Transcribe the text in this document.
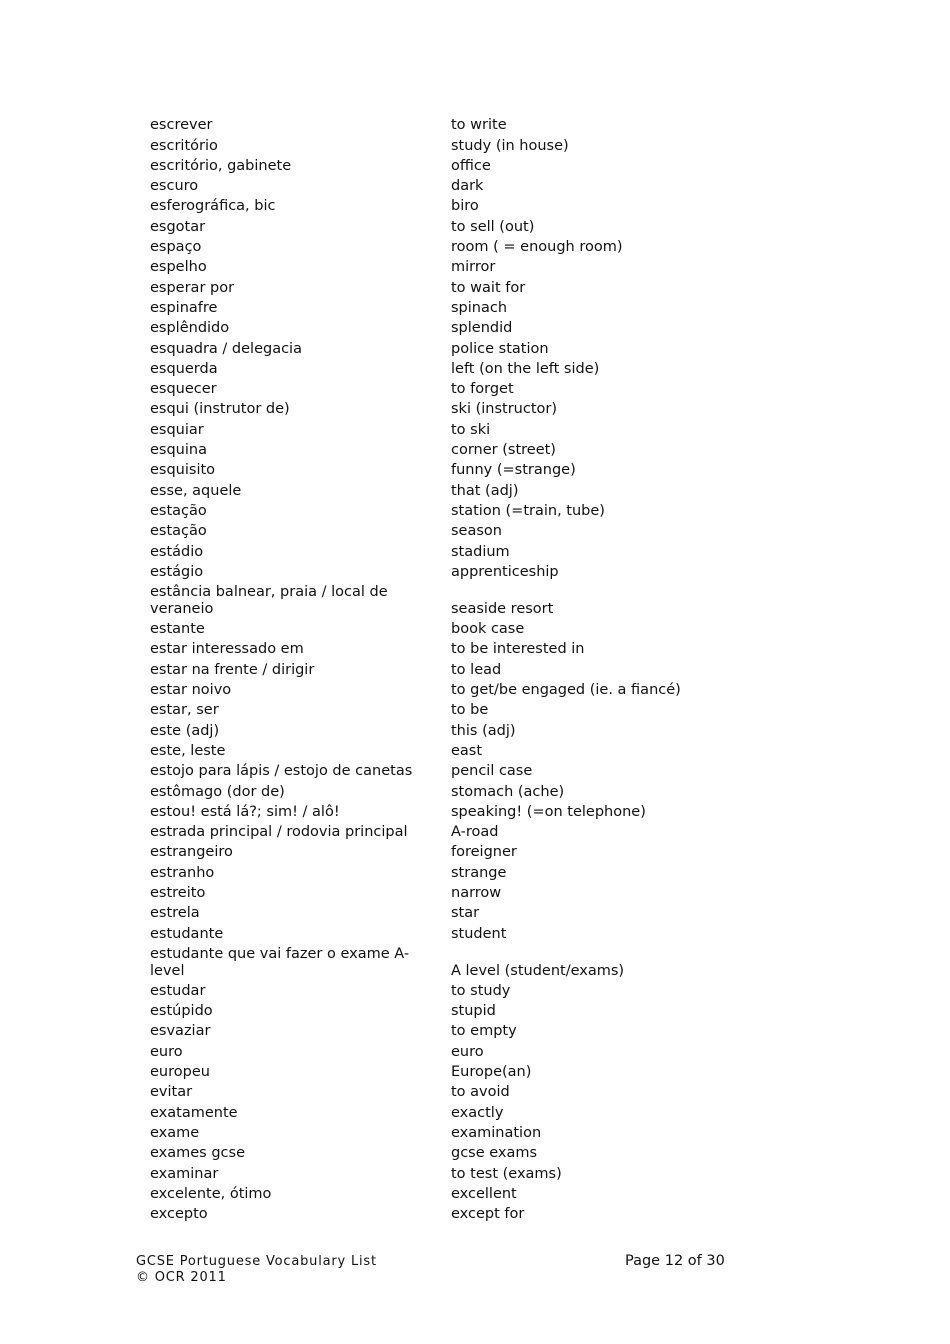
escrever	to write
escritório	study (in house)
escritório, gabinete	office
escuro	dark
esferográfica, bic	biro
esgotar	to sell (out)
espaço	room ( = enough room)
espelho	mirror
esperar por	to wait for
espinafre	spinach
esplêndido	splendid
esquadra / delegacia	police station
esquerda	left (on the left side)
esquecer	to forget
esqui (instrutor de)	ski (instructor)
esquiar	to ski
esquina	corner (street)
esquisito	funny (=strange)
esse, aquele	that (adj)
estação	station (=train, tube)
estação	season
estádio	stadium
estágio	apprenticeship
estância balnear, praia / local de veraneio	seaside resort
estante	book case
estar interessado em	to be interested in
estar na frente / dirigir	to lead
estar noivo	to get/be engaged (ie. a fiancé)
estar, ser	to be
este (adj)	this (adj)
este, leste	east
estojo para lápis / estojo de canetas	pencil case
estômago (dor de)	stomach (ache)
estou! está lá?; sim! / alô!	speaking! (=on telephone)
estrada principal / rodovia principal	A-road
estrangeiro	foreigner
estranho	strange
estreito	narrow
estrela	star
estudante	student
estudante que vai fazer o exame A-level	A level (student/exams)
estudar	to study
estúpido	stupid
esvaziar	to empty
euro	euro
europeu	Europe(an)
evitar	to avoid
exatamente	exactly
exame	examination
exames gcse	gcse exams
examinar	to test (exams)
excelente, ótimo	excellent
excepto	except for
GCSE Portuguese Vocabulary List
© OCR 2011
Page 12 of 30
